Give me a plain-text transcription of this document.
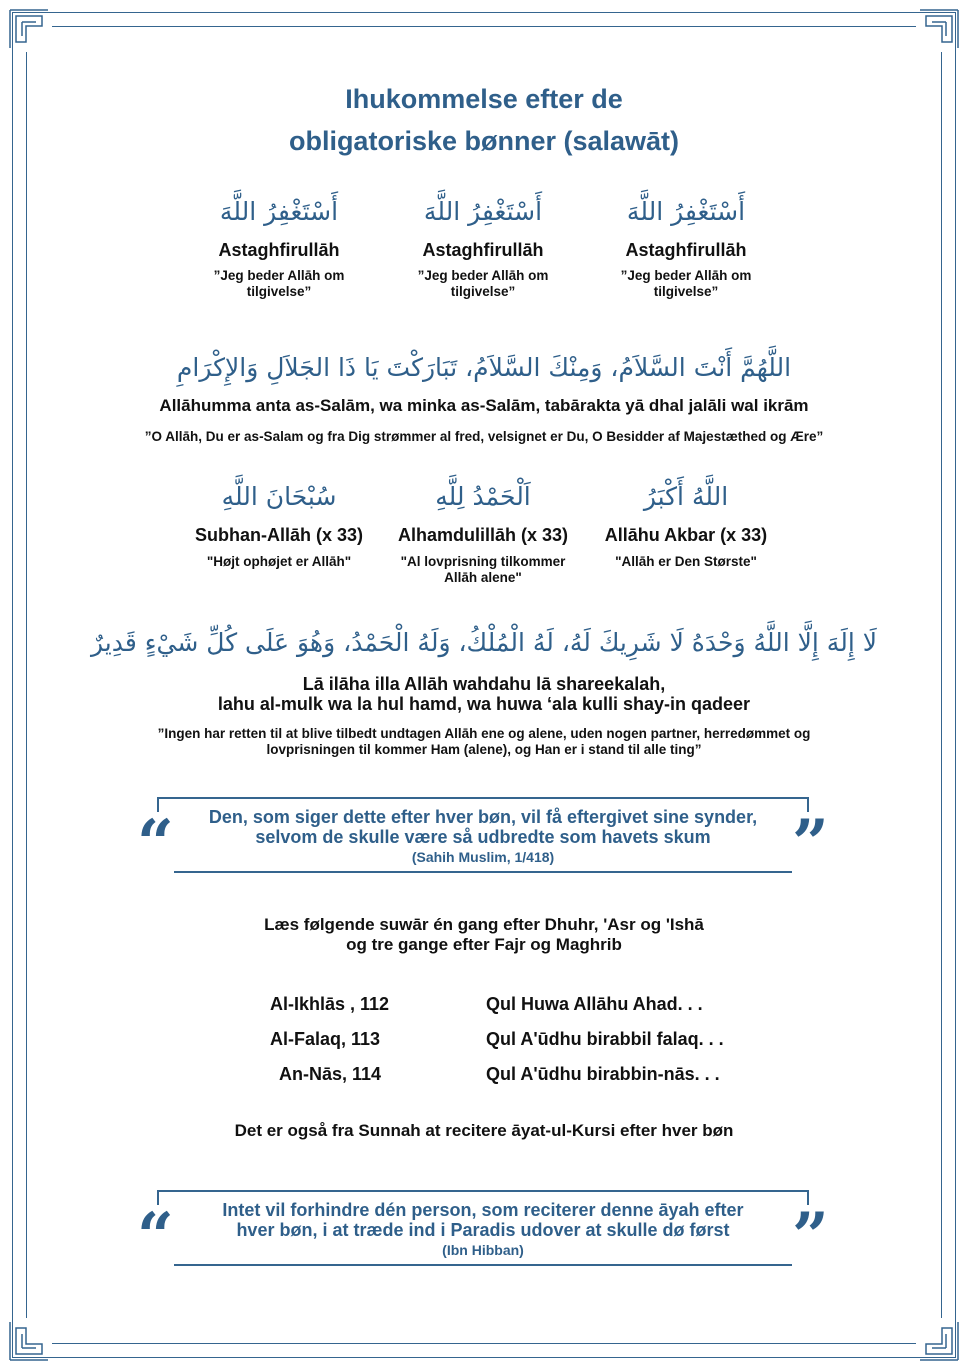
Ihukommelse efter de
obligatoriske bønner (salawāt)
أَسْتَغْفِرُ اللَّهَ
Astaghfirullāh
”Jeg beder Allāh om tilgivelse”
أَسْتَغْفِرُ اللَّهَ
Astaghfirullāh
”Jeg beder Allāh om tilgivelse”
أَسْتَغْفِرُ اللَّهَ
Astaghfirullāh
”Jeg beder Allāh om tilgivelse”
اللَّهُمَّ أَنْتَ السَّلاَمُ، وَمِنْكَ السَّلاَمُ، تَبَارَكْتَ يَا ذَا الجَلاَلِ وَالإِكْرَامِ
Allāhumma anta as-Salām, wa minka as-Salām, tabārakta yā dhal jalāli wal ikrām
”O Allāh, Du er as-Salam og fra Dig strømmer al fred, velsignet er Du, O Besidder af Majestæthed og Ære”
سُبْحَانَ اللَّهِ
Subhan-Allāh (x 33)
"Højt ophøjet er Allāh"
اَلْحَمْدُ لِلَّهِ
Alhamdulillāh (x 33)
"Al lovprisning tilkommer Allāh alene"
اللَّهُ أَكْبَرُ
Allāhu Akbar (x 33)
"Allāh er Den Største"
لَا إِلَهَ إِلَّا اللَّهُ وَحْدَهُ لَا شَرِيكَ لَهُ، لَهُ الْمُلْكُ، وَلَهُ الْحَمْدُ، وَهُوَ عَلَى كُلِّ شَيْءٍ قَدِيرٌ
Lā ilāha illa Allāh wahdahu lā shareekalah,
lahu al-mulk wa la hul hamd, wa huwa ‘ala kulli shay-in qadeer
”Ingen har retten til at blive tilbedt undtagen Allāh ene og alene, uden nogen partner, herredømmet og
lovprisningen til kommer Ham (alene), og Han er i stand til alle ting”
Den, som siger dette efter hver bøn, vil få eftergivet sine synder,
selvom de skulle være så udbredte som havets skum
(Sahih Muslim, 1/418)
“	”
Læs følgende suwār én gang efter Dhuhr, 'Asr og 'Ishā
og tre gange efter Fajr og Maghrib
Al-Ikhlās , 112	Qul Huwa Allāhu Ahad. . .
Al-Falaq, 113	Qul A'ūdhu birabbil falaq. . .
An-Nās, 114	Qul A'ūdhu birabbin-nās. . .
Det er også fra Sunnah at recitere āyat-ul-Kursi efter hver bøn
Intet vil forhindre dén person, som reciterer denne āyah efter
hver bøn, i at træde ind i Paradis udover at skulle dø først
(Ibn Hibban)
“	”
